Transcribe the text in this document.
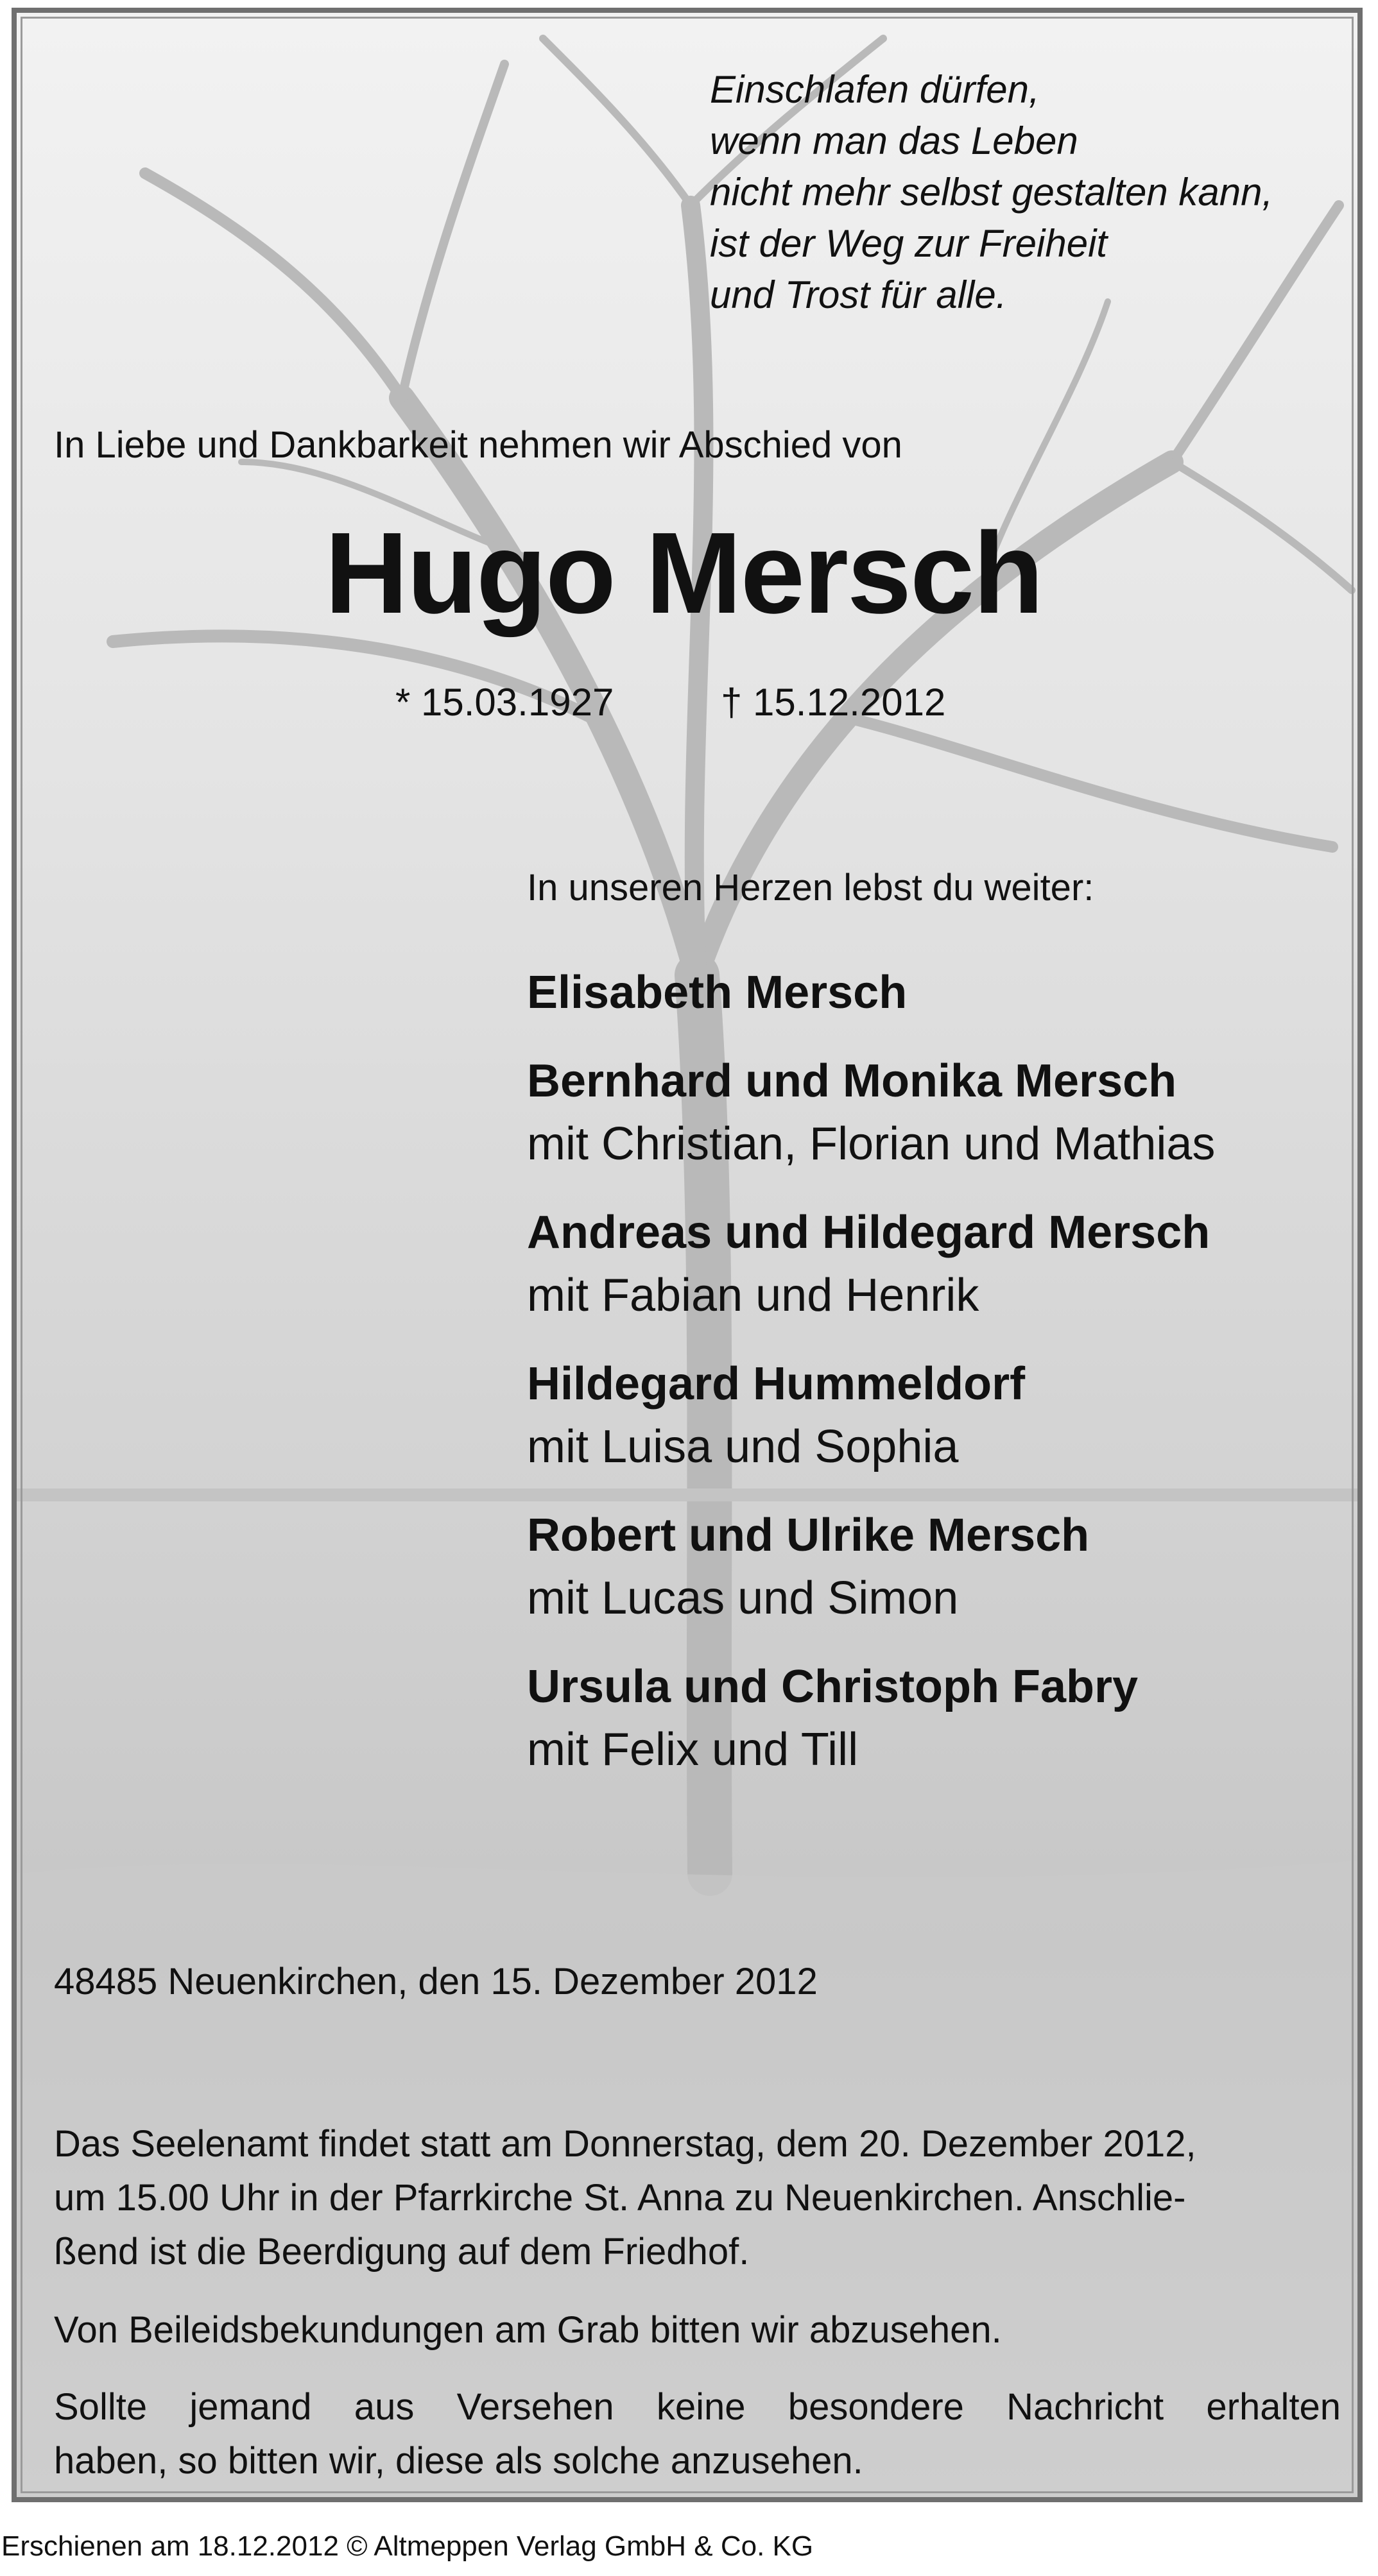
Einschlafen dürfen,
wenn man das Leben
nicht mehr selbst gestalten kann,
ist der Weg zur Freiheit
und Trost für alle.
In Liebe und Dankbarkeit nehmen wir Abschied von
Hugo Mersch
* 15.03.1927	† 15.12.2012
In unseren Herzen lebst du weiter:
Elisabeth Mersch
Bernhard und Monika Mersch
mit Christian, Florian und Mathias
Andreas und Hildegard Mersch
mit Fabian und Henrik
Hildegard Hummeldorf
mit Luisa und Sophia
Robert und Ulrike Mersch
mit Lucas und Simon
Ursula und Christoph Fabry
mit Felix und Till
48485 Neuenkirchen, den 15. Dezember 2012
Das Seelenamt findet statt am Donnerstag, dem 20. Dezember 2012,
um 15.00 Uhr in der Pfarrkirche St. Anna zu Neuenkirchen. Anschlie-
ßend ist die Beerdigung auf dem Friedhof.
Von Beileidsbekundungen am Grab bitten wir abzusehen.
Sollte jemand aus Versehen keine besondere Nachricht erhalten
haben, so bitten wir, diese als solche anzusehen.
Erschienen am 18.12.2012 © Altmeppen Verlag GmbH & Co. KG
